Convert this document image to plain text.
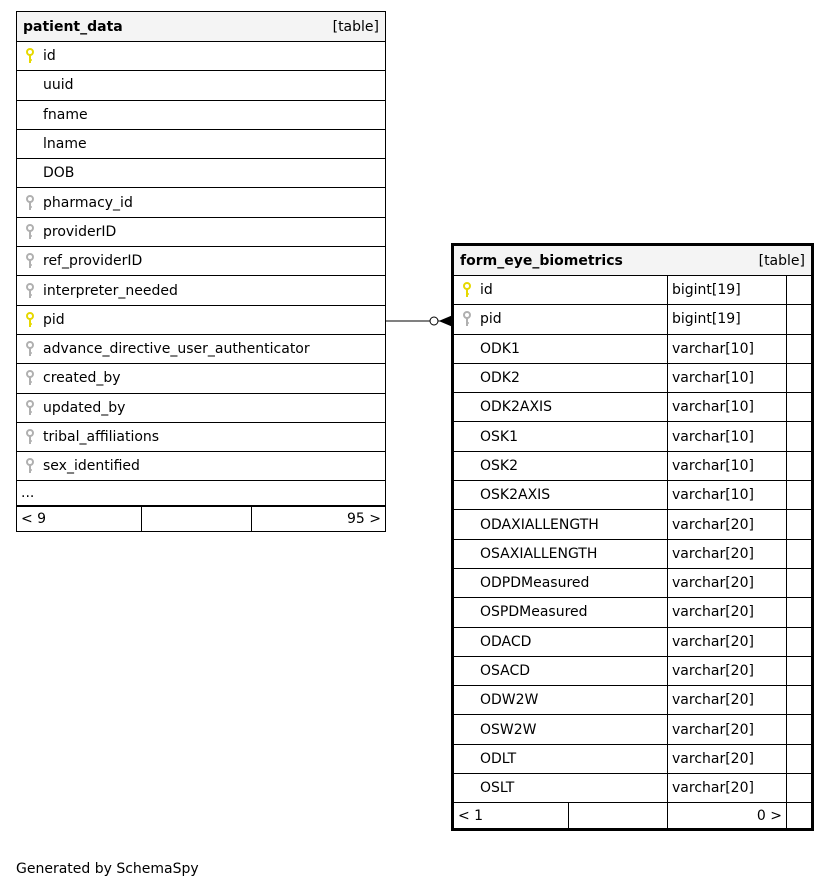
patient_data	[table]
id
uuid
fname
lname
DOB
pharmacy_id
providerID
ref_providerID
interpreter_needed
pid
advance_directive_user_authenticator
created_by
updated_by
tribal_affiliations
sex_identified
...
< 9	95 >
form_eye_biometrics	[table]
id	bigint[19]
pid	bigint[19]
ODK1	varchar[10]
ODK2	varchar[10]
ODK2AXIS	varchar[10]
OSK1	varchar[10]
OSK2	varchar[10]
OSK2AXIS	varchar[10]
ODAXIALLENGTH	varchar[20]
OSAXIALLENGTH	varchar[20]
ODPDMeasured	varchar[20]
OSPDMeasured	varchar[20]
ODACD	varchar[20]
OSACD	varchar[20]
ODW2W	varchar[20]
OSW2W	varchar[20]
ODLT	varchar[20]
OSLT	varchar[20]
< 1	0 >
Generated by SchemaSpy
